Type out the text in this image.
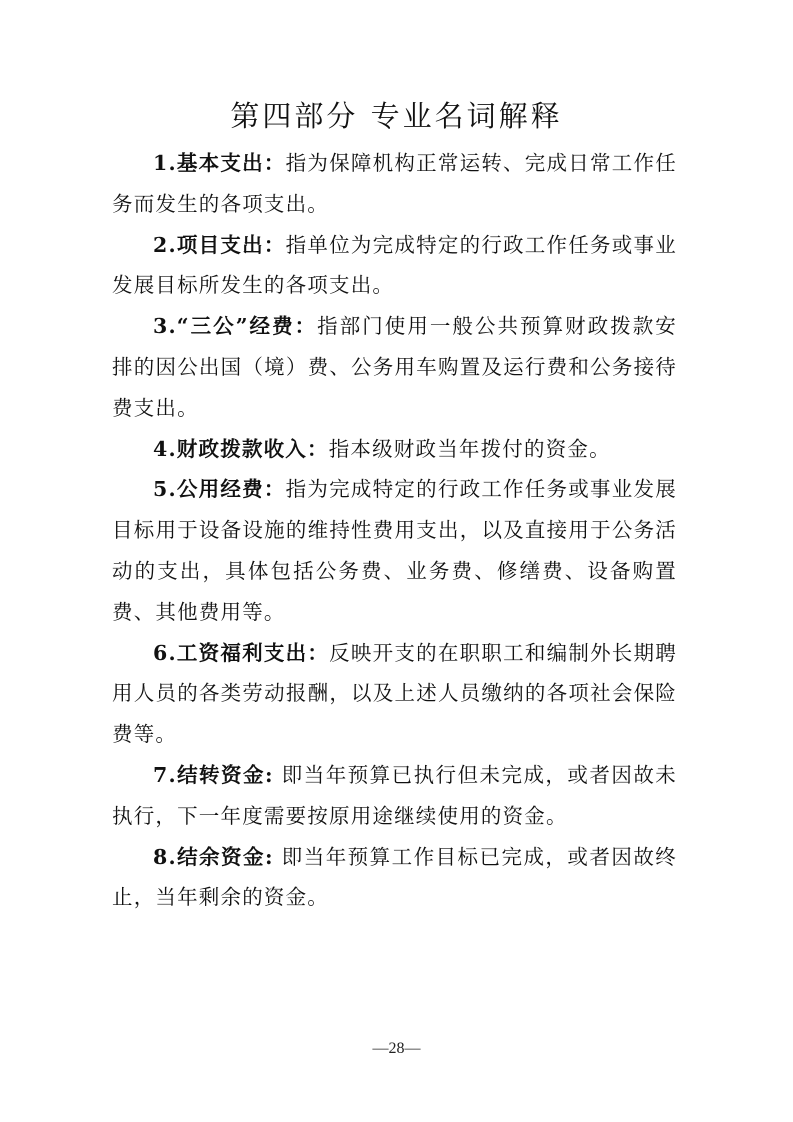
第四部分 专业名词解释

1.基本支出：指为保障机构正常运转、完成日常工作任务而发生的各项支出。

2.项目支出：指单位为完成特定的行政工作任务或事业发展目标所发生的各项支出。

3.“三公”经费：指部门使用一般公共预算财政拨款安排的因公出国（境）费、公务用车购置及运行费和公务接待费支出。

4.财政拨款收入：指本级财政当年拨付的资金。

5.公用经费：指为完成特定的行政工作任务或事业发展目标用于设备设施的维持性费用支出，以及直接用于公务活动的支出，具体包括公务费、业务费、修缮费、设备购置费、其他费用等。

6.工资福利支出：反映开支的在职职工和编制外长期聘用人员的各类劳动报酬，以及上述人员缴纳的各项社会保险费等。

7.结转资金: 即当年预算已执行但未完成，或者因故未执行，下一年度需要按原用途继续使用的资金。

8.结余资金: 即当年预算工作目标已完成，或者因故终止，当年剩余的资金。

—28—
